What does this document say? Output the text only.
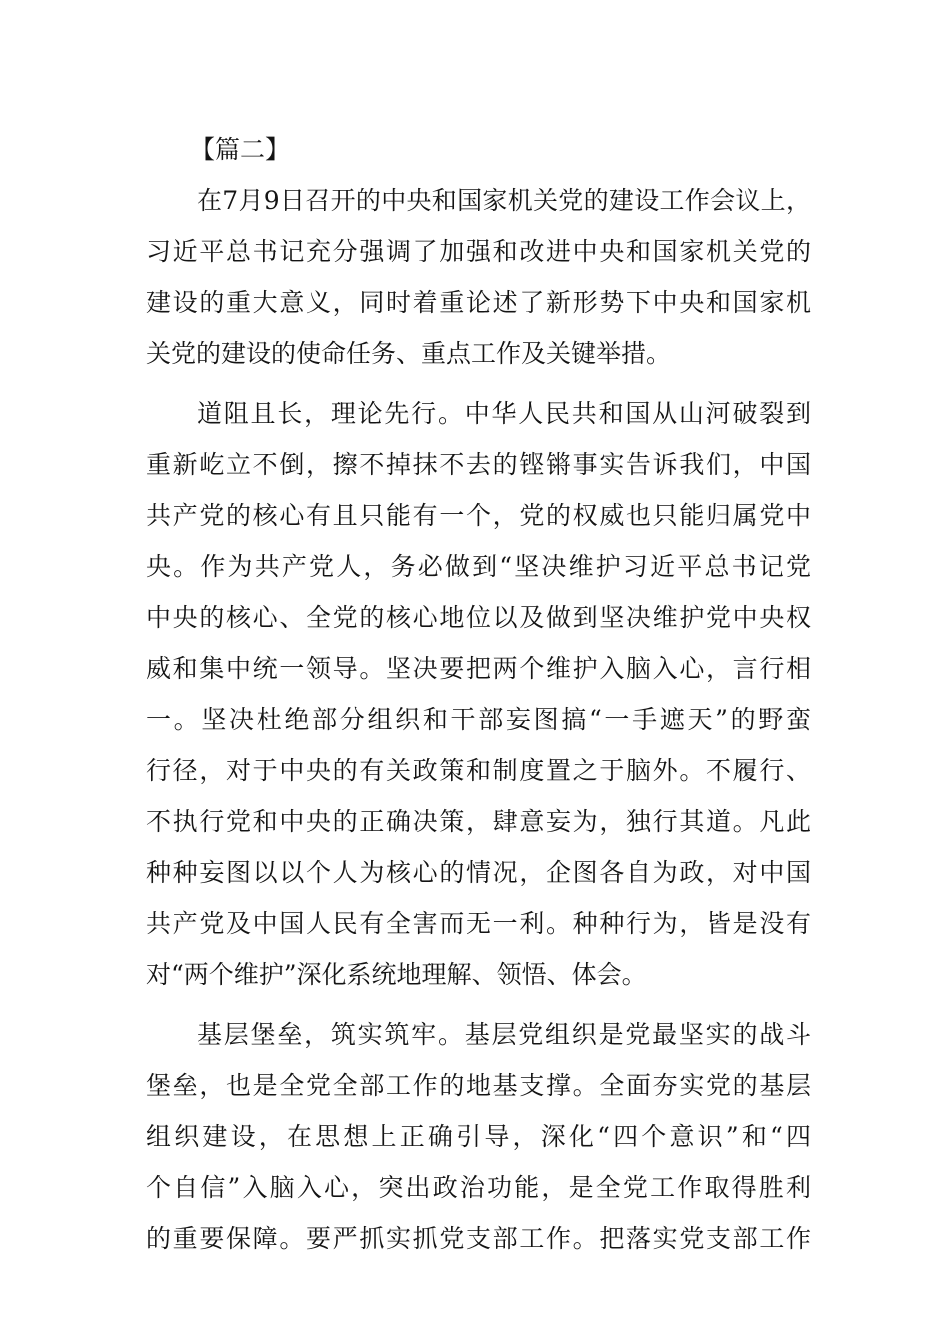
【篇二】
在7月9日召开的中央和国家机关党的建设工作会议上，
习近平总书记充分强调了加强和改进中央和国家机关党的
建设的重大意义，同时着重论述了新形势下中央和国家机
关党的建设的使命任务、重点工作及关键举措。
道阻且长，理论先行。中华人民共和国从山河破裂到
重新屹立不倒，擦不掉抹不去的铿锵事实告诉我们，中国
共产党的核心有且只能有一个，党的权威也只能归属党中
央。作为共产党人，务必做到“坚决维护习近平总书记党
中央的核心、全党的核心地位以及做到坚决维护党中央权
威和集中统一领导。坚决要把两个维护入脑入心，言行相
一。坚决杜绝部分组织和干部妄图搞“一手遮天”的野蛮
行径，对于中央的有关政策和制度置之于脑外。不履行、
不执行党和中央的正确决策，肆意妄为，独行其道。凡此
种种妄图以以个人为核心的情况，企图各自为政，对中国
共产党及中国人民有全害而无一利。种种行为，皆是没有
对“两个维护”深化系统地理解、领悟、体会。
基层堡垒，筑实筑牢。基层党组织是党最坚实的战斗
堡垒，也是全党全部工作的地基支撑。全面夯实党的基层
组织建设，在思想上正确引导，深化“四个意识”和“四
个自信”入脑入心，突出政治功能，是全党工作取得胜利
的重要保障。要严抓实抓党支部工作。把落实党支部工作
